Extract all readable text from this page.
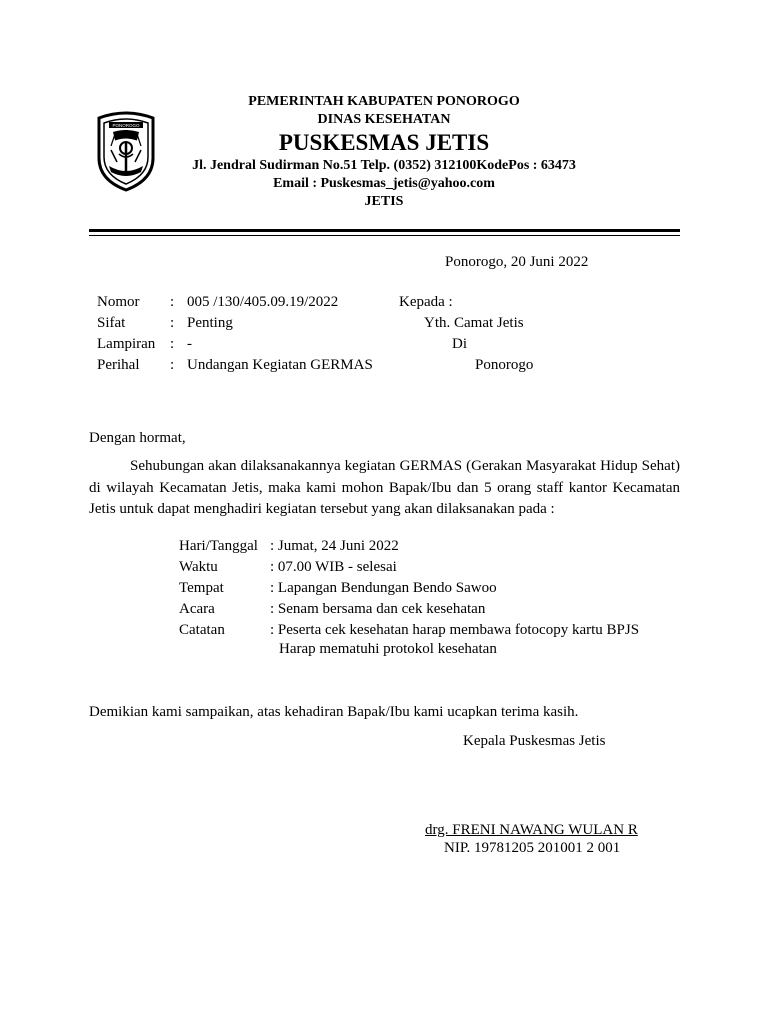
PONOROGO
PEMERINTAH KABUPATEN PONOROGO
DINAS KESEHATAN
PUSKESMAS JETIS
Jl. Jendral Sudirman No.51 Telp. (0352) 312100KodePos : 63473
Email : Puskesmas_jetis@yahoo.com
JETIS
Ponorogo, 20 Juni 2022
Nomor : 005 /130/405.09.19/2022
Sifat	: Penting
Lampiran : -
Perihal : Undangan Kegiatan GERMAS
Kepada :
Yth. Camat Jetis
Di
Ponorogo
Dengan hormat,
Sehubungan akan dilaksanakannya kegiatan GERMAS (Gerakan Masyarakat Hidup Sehat) di wilayah Kecamatan Jetis, maka kami mohon Bapak/Ibu dan 5 orang staff kantor Kecamatan Jetis untuk dapat menghadiri kegiatan tersebut yang akan dilaksanakan pada :
Hari/Tanggal : Jumat, 24 Juni 2022
Waktu	: 07.00 WIB - selesai
Tempat	: Lapangan Bendungan Bendo Sawoo
Acara	: Senam bersama dan cek kesehatan
Catatan	: Peserta cek kesehatan harap membawa fotocopy kartu BPJS
Harap mematuhi protokol kesehatan
Demikian kami sampaikan, atas kehadiran Bapak/Ibu kami ucapkan terima kasih.
Kepala Puskesmas Jetis
drg. FRENI NAWANG WULAN R
NIP. 19781205 201001 2 001
